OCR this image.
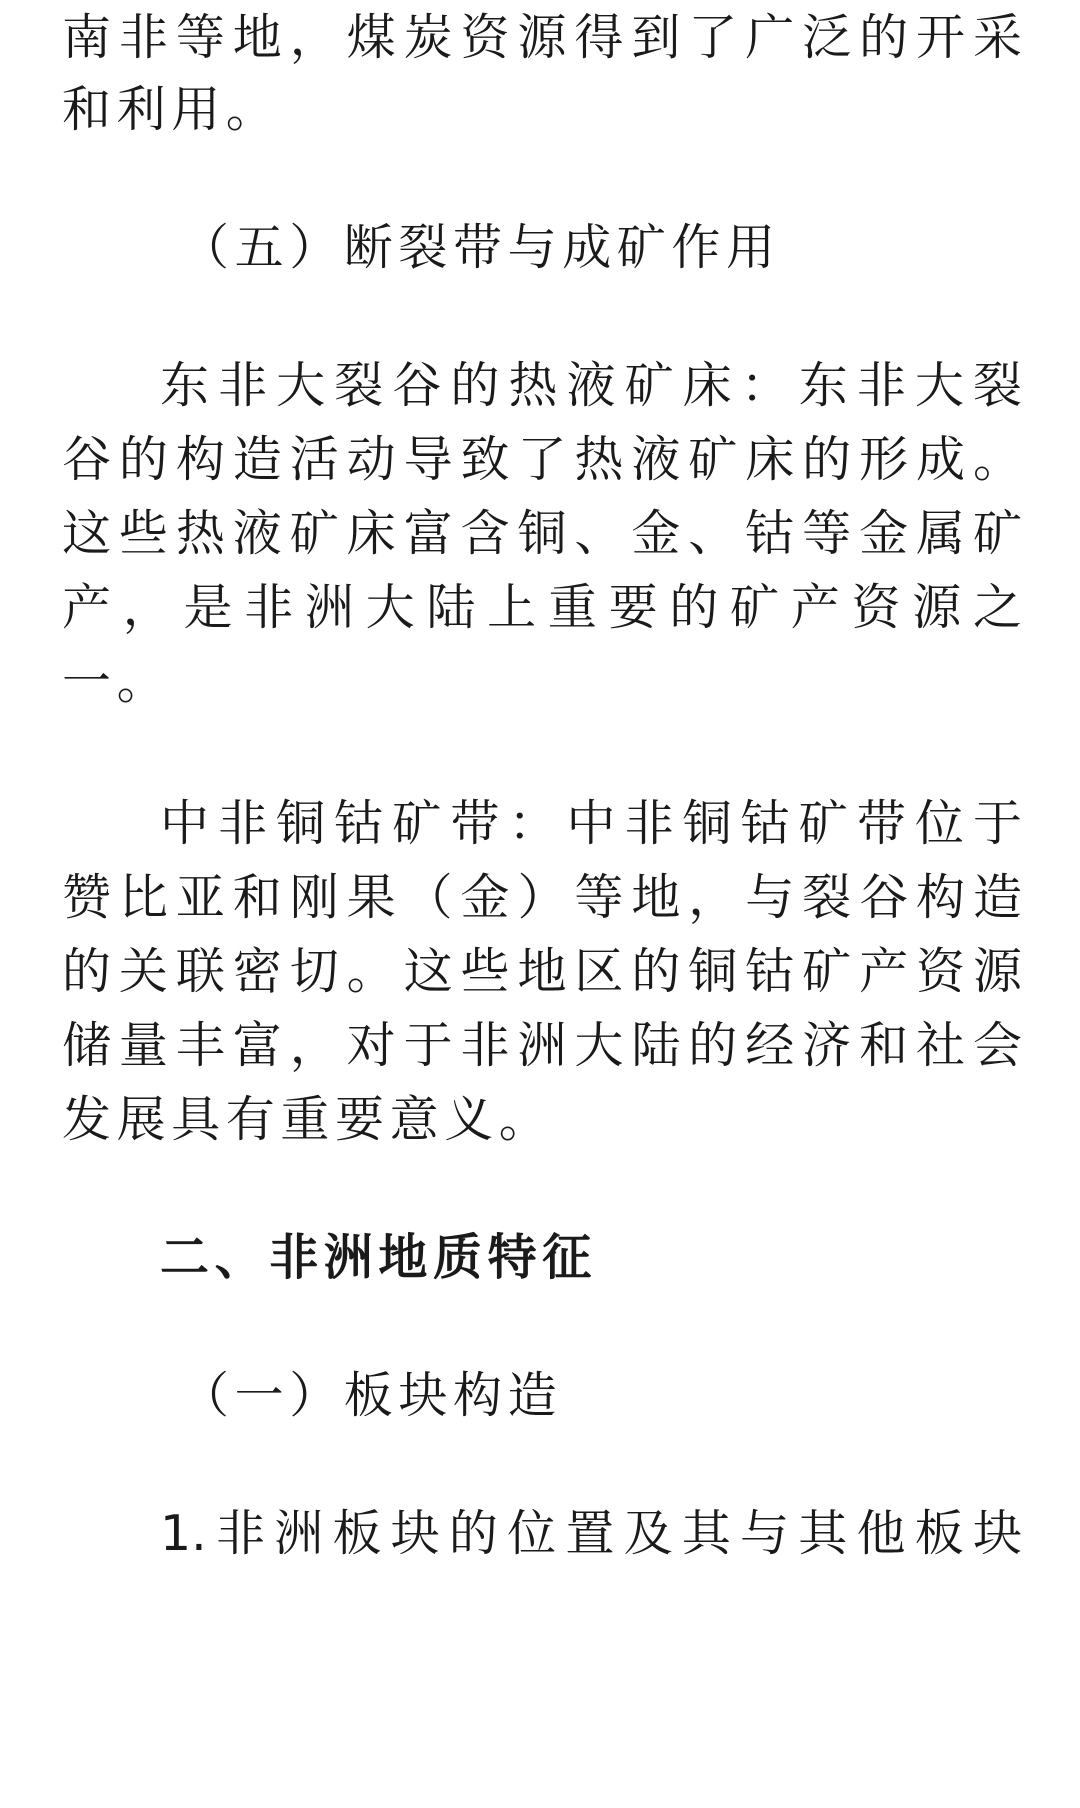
南非等地，煤炭资源得到了广泛的开采
和利用。
（五）断裂带与成矿作用
东非大裂谷的热液矿床：东非大裂
谷的构造活动导致了热液矿床的形成。
这些热液矿床富含铜、金、钴等金属矿
产，是非洲大陆上重要的矿产资源之
一。
中非铜钴矿带：中非铜钴矿带位于
赞比亚和刚果（金）等地，与裂谷构造
的关联密切。这些地区的铜钴矿产资源
储量丰富，对于非洲大陆的经济和社会
发展具有重要意义。
二、非洲地质特征
（一）板块构造
1.非洲板块的位置及其与其他板块
